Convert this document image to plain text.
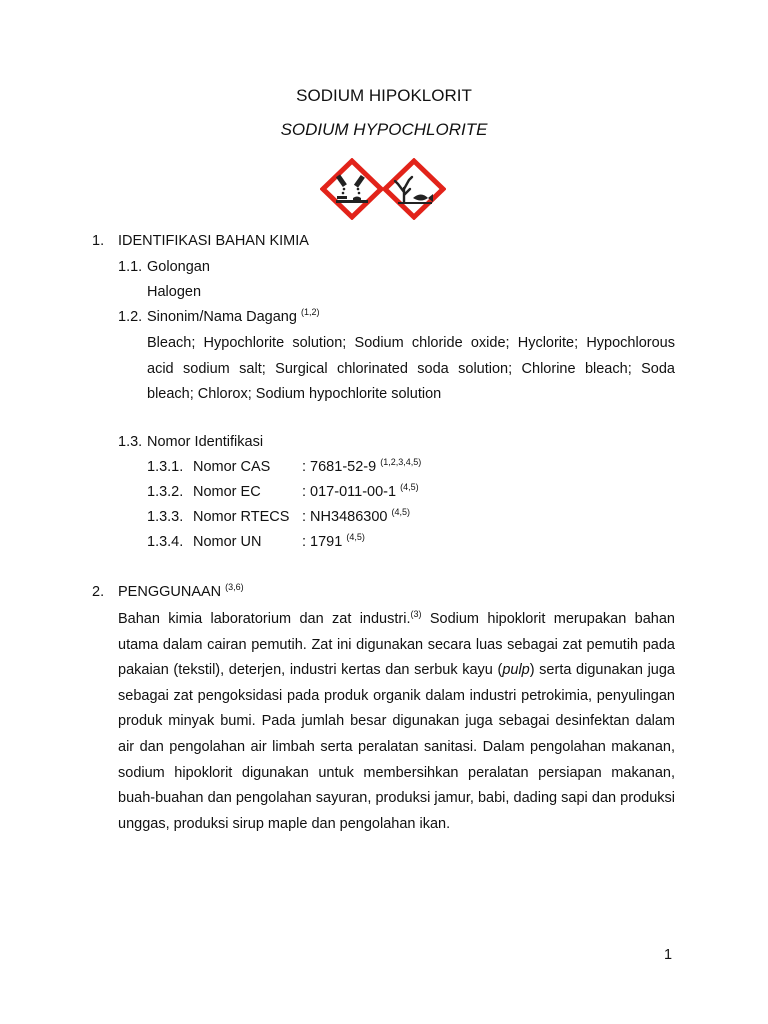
SODIUM HIPOKLORIT
SODIUM HYPOCHLORITE
1. IDENTIFIKASI BAHAN KIMIA
1.1. Golongan
Halogen
1.2. Sinonim/Nama Dagang $^{(1,2)}$
Bleach; Hypochlorite solution; Sodium chloride oxide; Hyclorite; Hypochlorous acid sodium salt; Surgical chlorinated soda solution; Chlorine bleach; Soda bleach; Chlorox; Sodium hypochlorite solution
1.3. Nomor Identifikasi
1.3.1. Nomor CAS : 7681-52-9 $^{(1,2,3,4,5)}$
1.3.2. Nomor EC	: 017-011-00-1 $^{(4,5)}$
1.3.3. Nomor RTECS : NH3486300 $^{(4,5)}$
1.3.4. Nomor UN	: 1791 $^{(4,5)}$
2. PENGGUNAAN $^{(3,6)}$
Bahan kimia laboratorium dan zat industri.$^{(3)}$ Sodium hipoklorit merupakan bahan utama dalam cairan pemutih. Zat ini digunakan secara luas sebagai zat pemutih pada pakaian (tekstil), deterjen, industri kertas dan serbuk kayu (pulp) serta digunakan juga sebagai zat pengoksidasi pada produk organik dalam industri petrokimia, penyulingan produk minyak bumi. Pada jumlah besar digunakan juga sebagai desinfektan dalam air dan pengolahan air limbah serta peralatan sanitasi. Dalam pengolahan makanan, sodium hipoklorit digunakan untuk membersihkan peralatan persiapan makanan, buah-buahan dan pengolahan sayuran, produksi jamur, babi, dading sapi dan produksi unggas, produksi sirup maple dan pengolahan ikan.
1
